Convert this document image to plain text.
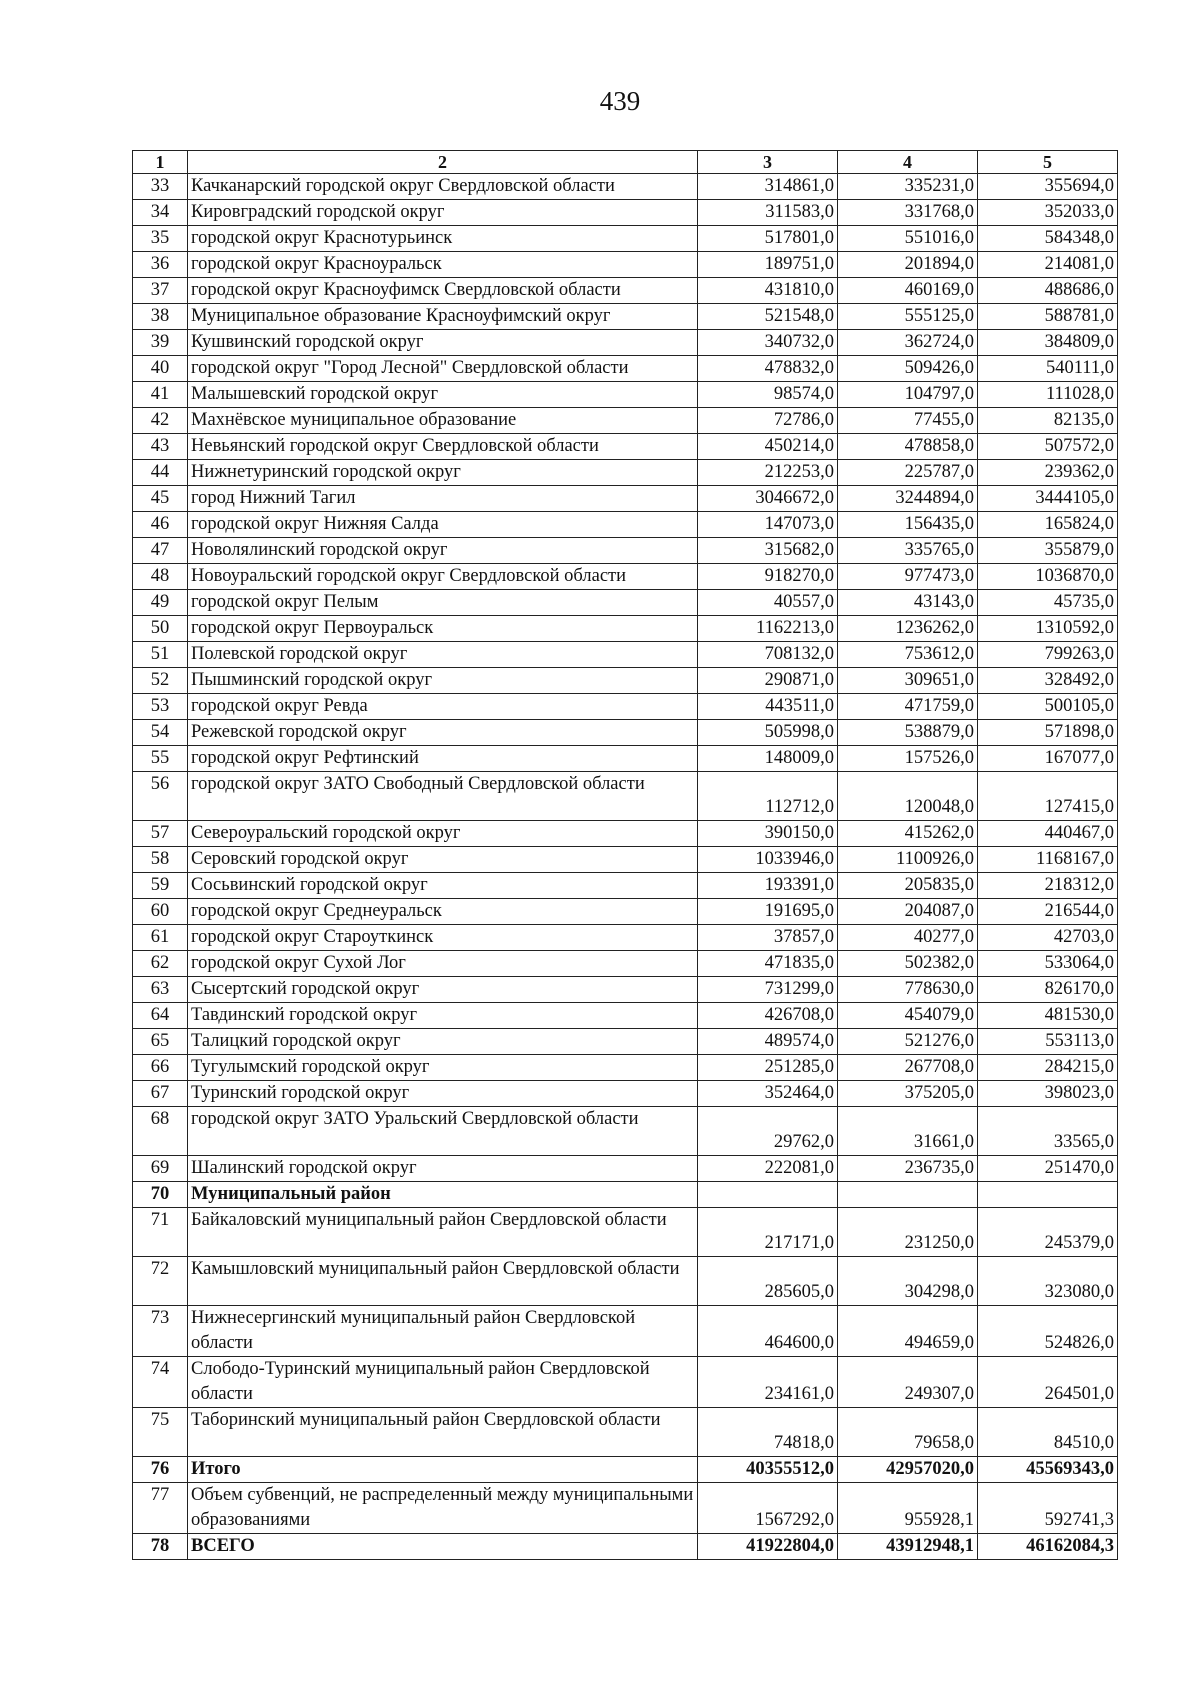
439
1	2	3	4	5
33	Качканарский городской округ Свердловской области	314861,0	335231,0	355694,0
34	Кировградский городской округ	311583,0	331768,0	352033,0
35	городской округ Краснотурьинск	517801,0	551016,0	584348,0
36	городской округ Красноуральск	189751,0	201894,0	214081,0
37	городской округ Красноуфимск Свердловской области	431810,0	460169,0	488686,0
38	Муниципальное образование Красноуфимский округ	521548,0	555125,0	588781,0
39	Кушвинский городской округ	340732,0	362724,0	384809,0
40	городской округ "Город Лесной" Свердловской области	478832,0	509426,0	540111,0
41	Малышевский городской округ	98574,0	104797,0	111028,0
42	Махнёвское муниципальное образование	72786,0	77455,0	82135,0
43	Невьянский городской округ Свердловской области	450214,0	478858,0	507572,0
44	Нижнетуринский городской округ	212253,0	225787,0	239362,0
45	город Нижний Тагил	3046672,0	3244894,0	3444105,0
46	городской округ Нижняя Салда	147073,0	156435,0	165824,0
47	Новолялинский городской округ	315682,0	335765,0	355879,0
48	Новоуральский городской округ Свердловской области	918270,0	977473,0	1036870,0
49	городской округ Пелым	40557,0	43143,0	45735,0
50	городской округ Первоуральск	1162213,0	1236262,0	1310592,0
51	Полевской городской округ	708132,0	753612,0	799263,0
52	Пышминский городской округ	290871,0	309651,0	328492,0
53	городской округ Ревда	443511,0	471759,0	500105,0
54	Режевской городской округ	505998,0	538879,0	571898,0
55	городской округ Рефтинский	148009,0	157526,0	167077,0
56	городской округ ЗАТО Свободный Свердловской области	112712,0	120048,0	127415,0
57	Североуральский городской округ	390150,0	415262,0	440467,0
58	Серовский городской округ	1033946,0	1100926,0	1168167,0
59	Сосьвинский городской округ	193391,0	205835,0	218312,0
60	городской округ Среднеуральск	191695,0	204087,0	216544,0
61	городской округ Староуткинск	37857,0	40277,0	42703,0
62	городской округ Сухой Лог	471835,0	502382,0	533064,0
63	Сысертский городской округ	731299,0	778630,0	826170,0
64	Тавдинский городской округ	426708,0	454079,0	481530,0
65	Талицкий городской округ	489574,0	521276,0	553113,0
66	Тугулымский городской округ	251285,0	267708,0	284215,0
67	Туринский городской округ	352464,0	375205,0	398023,0
68	городской округ ЗАТО Уральский Свердловской области	29762,0	31661,0	33565,0
69	Шалинский городской округ	222081,0	236735,0	251470,0
70	Муниципальный район			
71	Байкаловский муниципальный район Свердловской области	217171,0	231250,0	245379,0
72	Камышловский муниципальный район Свердловской области	285605,0	304298,0	323080,0
73	Нижнесергинский муниципальный район Свердловской области	464600,0	494659,0	524826,0
74	Слободо-Туринский муниципальный район Свердловской области	234161,0	249307,0	264501,0
75	Таборинский муниципальный район Свердловской области	74818,0	79658,0	84510,0
76	Итого	40355512,0	42957020,0	45569343,0
77	Объем субвенций, не распределенный между муниципальными образованиями	1567292,0	955928,1	592741,3
78	ВСЕГО	41922804,0	43912948,1	46162084,3
